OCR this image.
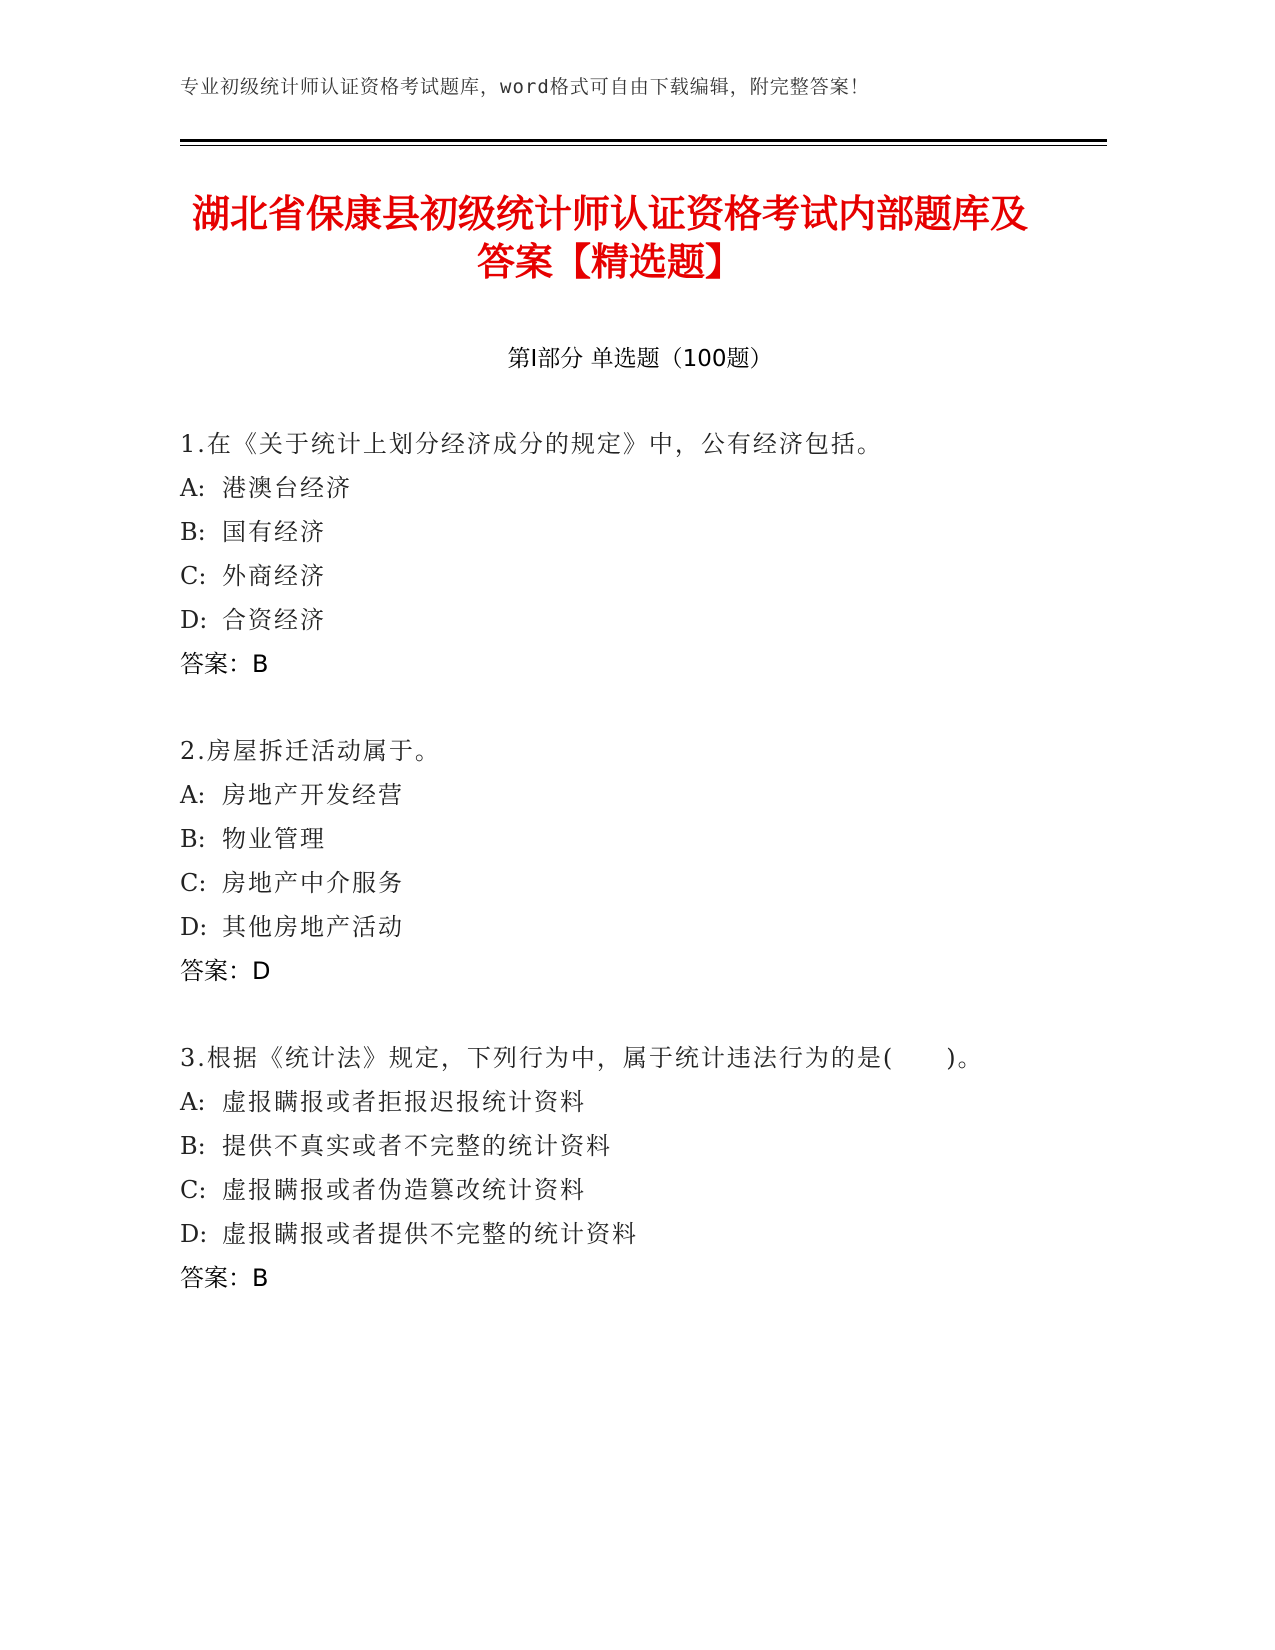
专业初级统计师认证资格考试题库，word格式可自由下载编辑，附完整答案！
湖北省保康县初级统计师认证资格考试内部题库及答案【精选题】
第Ⅰ部分 单选题（100题）
1.在《关于统计上划分经济成分的规定》中，公有经济包括。
A: 港澳台经济
B: 国有经济
C: 外商经济
D: 合资经济
答案：B
2.房屋拆迁活动属于。
A: 房地产开发经营
B: 物业管理
C: 房地产中介服务
D: 其他房地产活动
答案：D
3.根据《统计法》规定，下列行为中，属于统计违法行为的是(　　)。
A: 虚报瞒报或者拒报迟报统计资料
B: 提供不真实或者不完整的统计资料
C: 虚报瞒报或者伪造篡改统计资料
D: 虚报瞒报或者提供不完整的统计资料
答案：B
